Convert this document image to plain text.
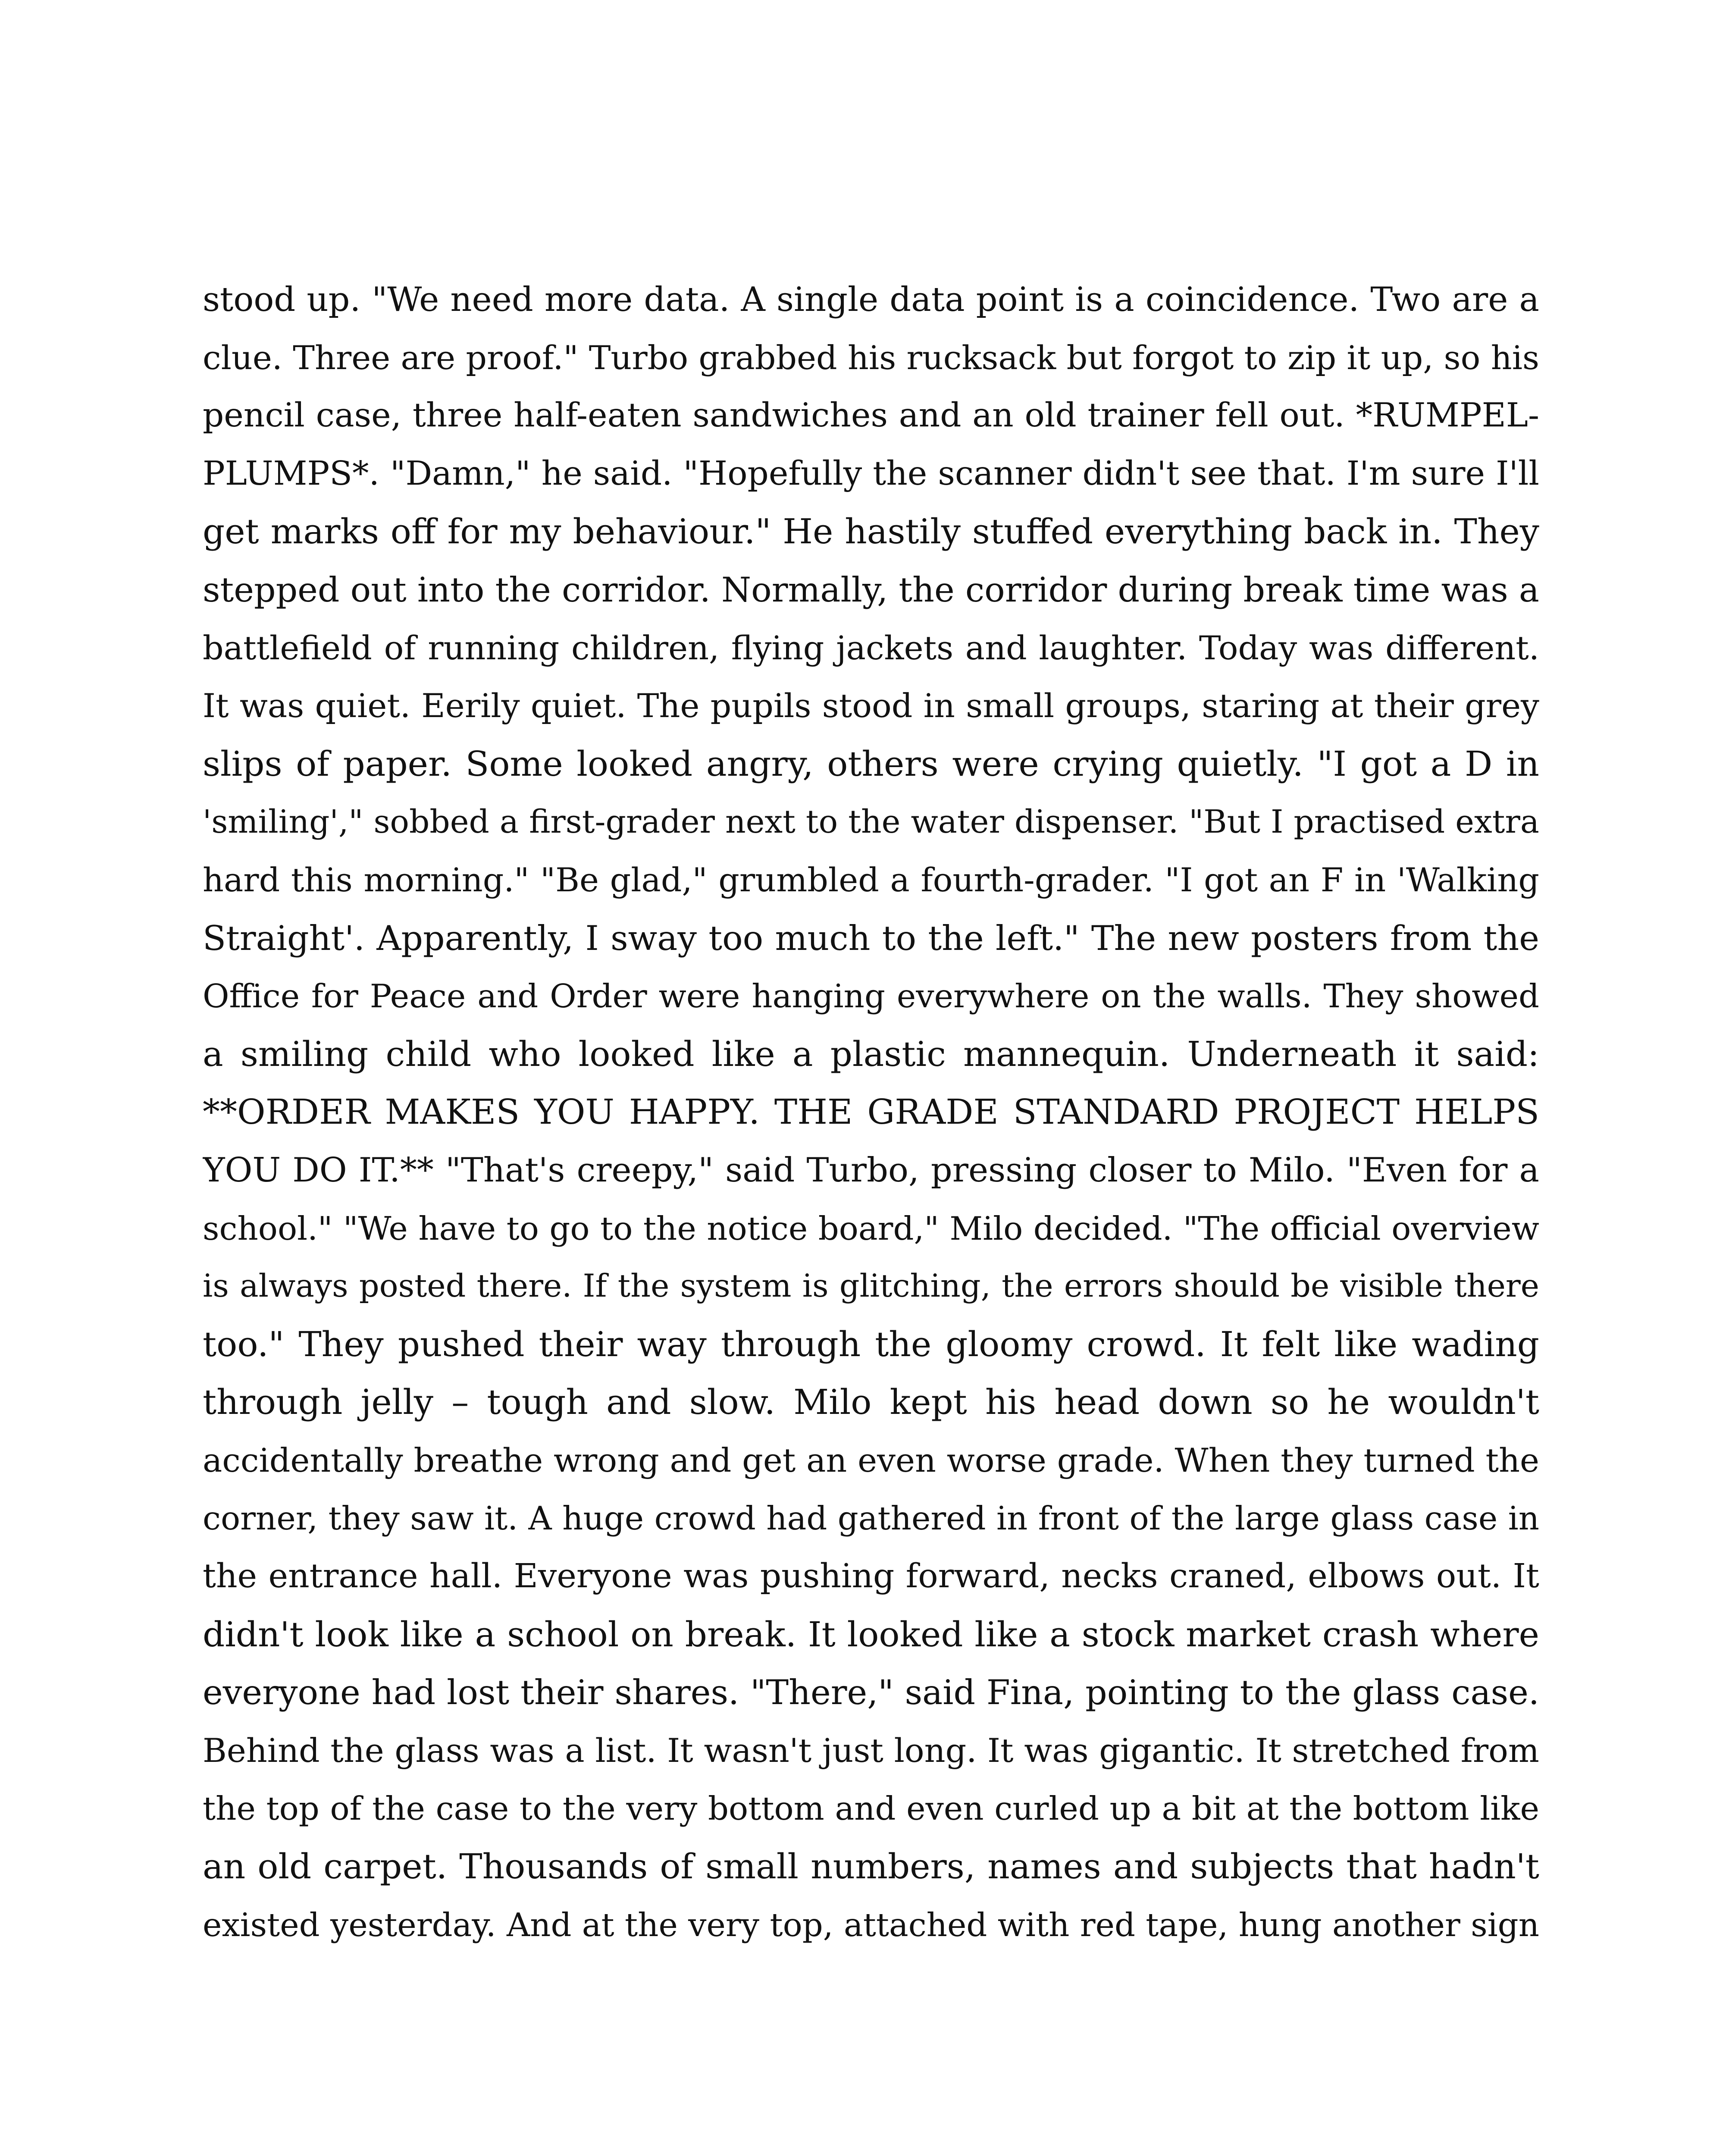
stood up. "We need more data. A single data point is a coincidence. Two are a
clue. Three are proof." Turbo grabbed his rucksack but forgot to zip it up, so his
pencil case, three half-eaten sandwiches and an old trainer fell out. *RUMPEL-
PLUMPS*. "Damn," he said. "Hopefully the scanner didn't see that. I'm sure I'll
get marks off for my behaviour." He hastily stuffed everything back in. They
stepped out into the corridor. Normally, the corridor during break time was a
battlefield of running children, flying jackets and laughter. Today was different.
It was quiet. Eerily quiet. The pupils stood in small groups, staring at their grey
slips of paper. Some looked angry, others were crying quietly. "I got a D in
'smiling'," sobbed a first-grader next to the water dispenser. "But I practised extra
hard this morning." "Be glad," grumbled a fourth-grader. "I got an F in 'Walking
Straight'. Apparently, I sway too much to the left." The new posters from the
Office for Peace and Order were hanging everywhere on the walls. They showed
a smiling child who looked like a plastic mannequin. Underneath it said:
**ORDER MAKES YOU HAPPY. THE GRADE STANDARD PROJECT HELPS
YOU DO IT.** "That's creepy," said Turbo, pressing closer to Milo. "Even for a
school." "We have to go to the notice board," Milo decided. "The official overview
is always posted there. If the system is glitching, the errors should be visible there
too." They pushed their way through the gloomy crowd. It felt like wading
through jelly – tough and slow. Milo kept his head down so he wouldn't
accidentally breathe wrong and get an even worse grade. When they turned the
corner, they saw it. A huge crowd had gathered in front of the large glass case in
the entrance hall. Everyone was pushing forward, necks craned, elbows out. It
didn't look like a school on break. It looked like a stock market crash where
everyone had lost their shares. "There," said Fina, pointing to the glass case.
Behind the glass was a list. It wasn't just long. It was gigantic. It stretched from
the top of the case to the very bottom and even curled up a bit at the bottom like
an old carpet. Thousands of small numbers, names and subjects that hadn't
existed yesterday. And at the very top, attached with red tape, hung another sign
